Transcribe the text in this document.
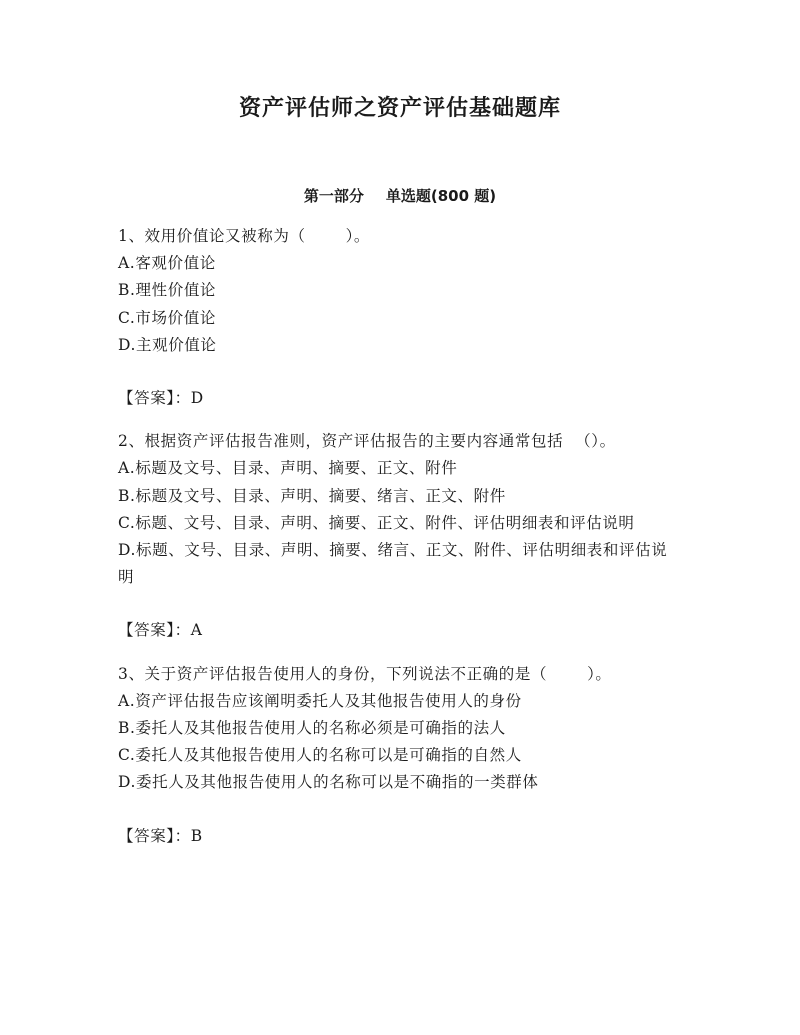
资产评估师之资产评估基础题库
第一部分 单选题(800 题)

1、效用价值论又被称为（	）。

A.客观价值论

B.理性价值论

C.市场价值论

D.主观价值论

【答案】：D

2、根据资产评估报告准则，资产评估报告的主要内容通常包括 （）。

A.标题及文号、目录、声明、摘要、正文、附件

B.标题及文号、目录、声明、摘要、绪言、正文、附件

C.标题、文号、目录、声明、摘要、正文、附件、评估明细表和评估说明

D.标题、文号、目录、声明、摘要、绪言、正文、附件、评估明细表和评估说明

【答案】：A

3、关于资产评估报告使用人的身份，下列说法不正确的是（	）。

A.资产评估报告应该阐明委托人及其他报告使用人的身份

B.委托人及其他报告使用人的名称必须是可确指的法人

C.委托人及其他报告使用人的名称可以是可确指的自然人

D.委托人及其他报告使用人的名称可以是不确指的一类群体

【答案】：B
